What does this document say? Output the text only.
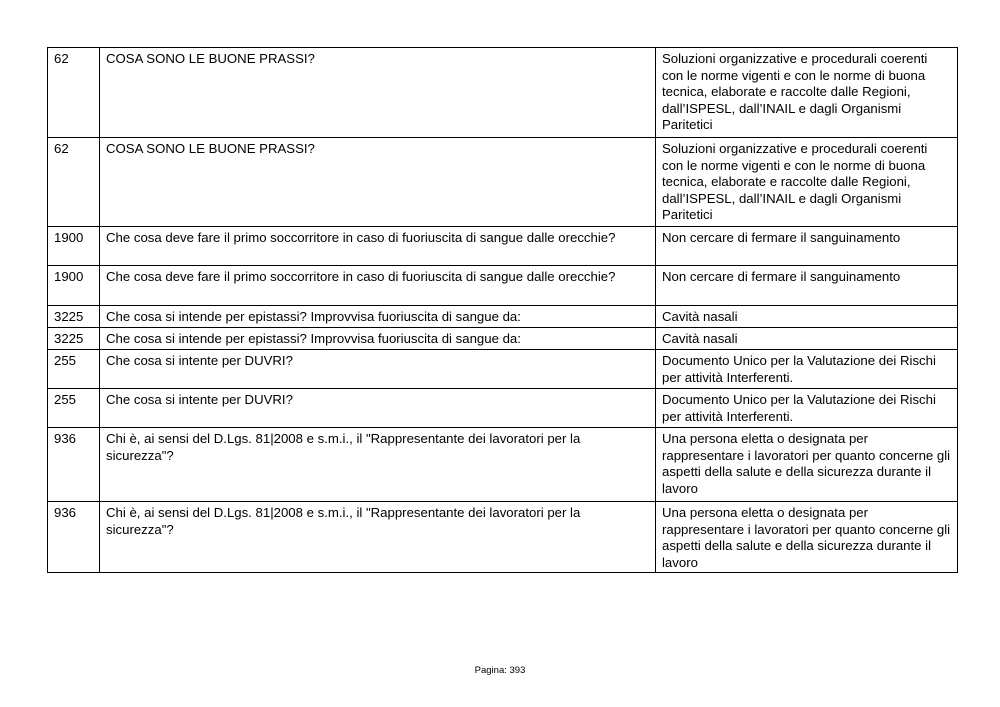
62	COSA SONO LE BUONE PRASSI?	Soluzioni organizzative e procedurali coerenti con le norme vigenti e con le norme di buona tecnica, elaborate e raccolte dalle Regioni, dall’ISPESL, dall’INAIL e dagli Organismi Paritetici
62	COSA SONO LE BUONE PRASSI?	Soluzioni organizzative e procedurali coerenti con le norme vigenti e con le norme di buona tecnica, elaborate e raccolte dalle Regioni, dall’ISPESL, dall’INAIL e dagli Organismi Paritetici
1900	Che cosa deve fare il primo soccorritore in caso di fuoriuscita di sangue dalle orecchie?	Non cercare di fermare il sanguinamento
1900	Che cosa deve fare il primo soccorritore in caso di fuoriuscita di sangue dalle orecchie?	Non cercare di fermare il sanguinamento
3225	Che cosa si intende per epistassi? Improvvisa fuoriuscita di sangue da:	Cavità nasali
3225	Che cosa si intende per epistassi? Improvvisa fuoriuscita di sangue da:	Cavità nasali
255	Che cosa si intente per DUVRI?	Documento Unico per la Valutazione dei Rischi per attività Interferenti.
255	Che cosa si intente per DUVRI?	Documento Unico per la Valutazione dei Rischi per attività Interferenti.
936	Chi è, ai sensi del D.Lgs. 81|2008 e s.m.i., il "Rappresentante dei lavoratori per la sicurezza"?	Una persona eletta o designata per rappresentare i lavoratori per quanto concerne gli aspetti della salute e della sicurezza durante il lavoro
936	Chi è, ai sensi del D.Lgs. 81|2008 e s.m.i., il "Rappresentante dei lavoratori per la sicurezza"?	Una persona eletta o designata per rappresentare i lavoratori per quanto concerne gli aspetti della salute e della sicurezza durante il lavoro
Pagina: 393
